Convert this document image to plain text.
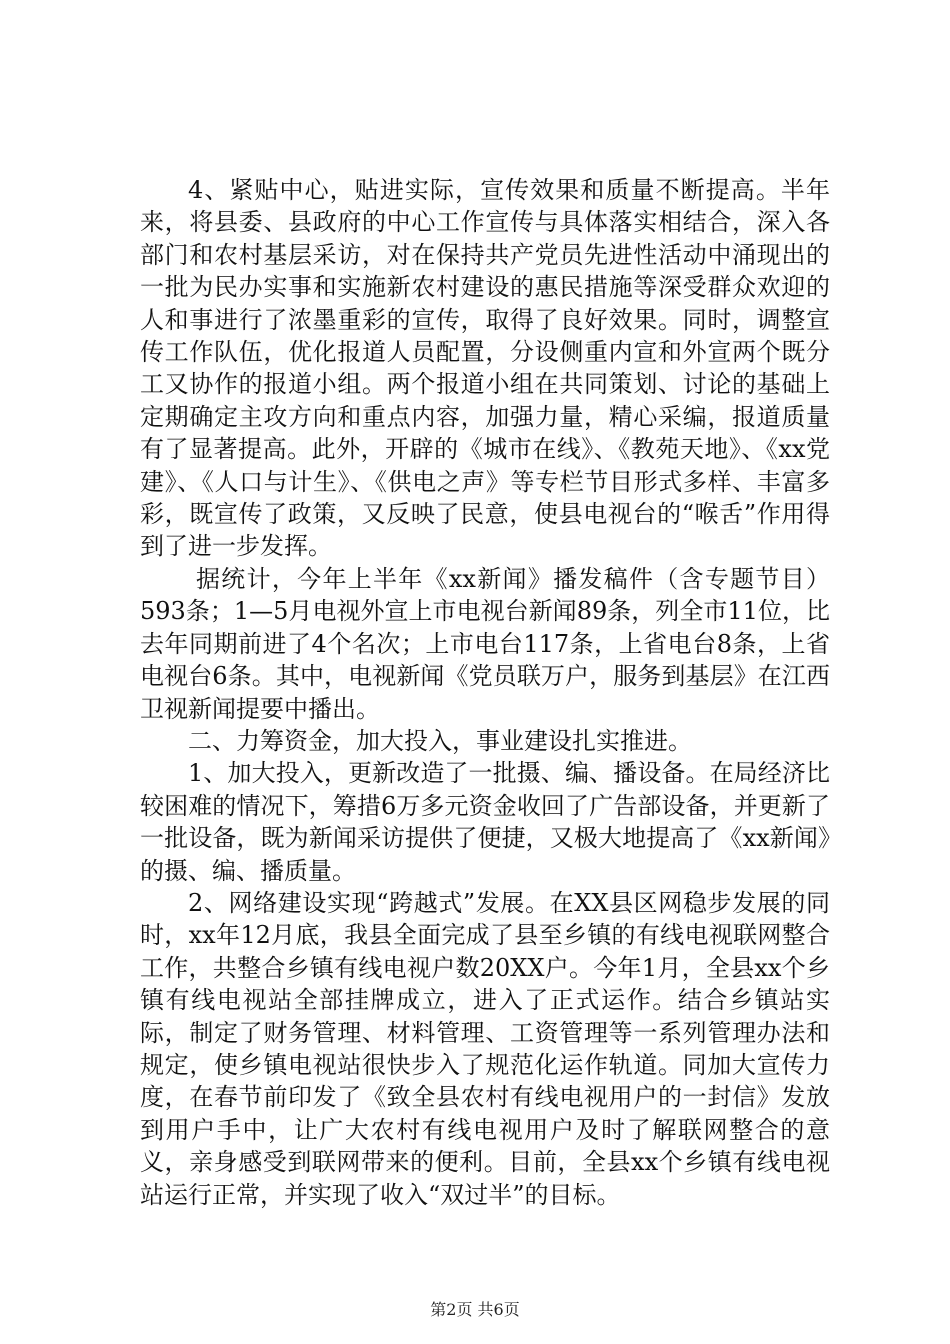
4、紧贴中心，贴进实际，宣传效果和质量不断提高。半年来，将县委、县政府的中心工作宣传与具体落实相结合，深入各部门和农村基层采访，对在保持共产党员先进性活动中涌现出的一批为民办实事和实施新农村建设的惠民措施等深受群众欢迎的人和事进行了浓墨重彩的宣传，取得了良好效果。同时，调整宣传工作队伍，优化报道人员配置，分设侧重内宣和外宣两个既分工又协作的报道小组。两个报道小组在共同策划、讨论的基础上定期确定主攻方向和重点内容，加强力量，精心采编，报道质量有了显著提高。此外，开辟的《城市在线》、《教苑天地》、《xx党建》、《人口与计生》、《供电之声》等专栏节目形式多样、丰富多彩，既宣传了政策，又反映了民意，使县电视台的“喉舌”作用得到了进一步发挥。

据统计，今年上半年《xx新闻》播发稿件（含专题节目）593条；1—5月电视外宣上市电视台新闻89条，列全市11位，比去年同期前进了4个名次；上市电台117条，上省电台8条，上省电视台6条。其中，电视新闻《党员联万户，服务到基层》在江西卫视新闻提要中播出。

二、力筹资金，加大投入，事业建设扎实推进。

1、加大投入，更新改造了一批摄、编、播设备。在局经济比较困难的情况下，筹措6万多元资金收回了广告部设备，并更新了一批设备，既为新闻采访提供了便捷，又极大地提高了《xx新闻》的摄、编、播质量。

2、网络建设实现“跨越式”发展。在XX县区网稳步发展的同时，xx年12月底，我县全面完成了县至乡镇的有线电视联网整合工作，共整合乡镇有线电视户数20XX户。今年1月，全县xx个乡镇有线电视站全部挂牌成立，进入了正式运作。结合乡镇站实际，制定了财务管理、材料管理、工资管理等一系列管理办法和规定，使乡镇电视站很快步入了规范化运作轨道。同加大宣传力度，在春节前印发了《致全县农村有线电视用户的一封信》发放到用户手中，让广大农村有线电视用户及时了解联网整合的意义，亲身感受到联网带来的便利。目前，全县xx个乡镇有线电视站运行正常，并实现了收入“双过半”的目标。

第2页 共6页
